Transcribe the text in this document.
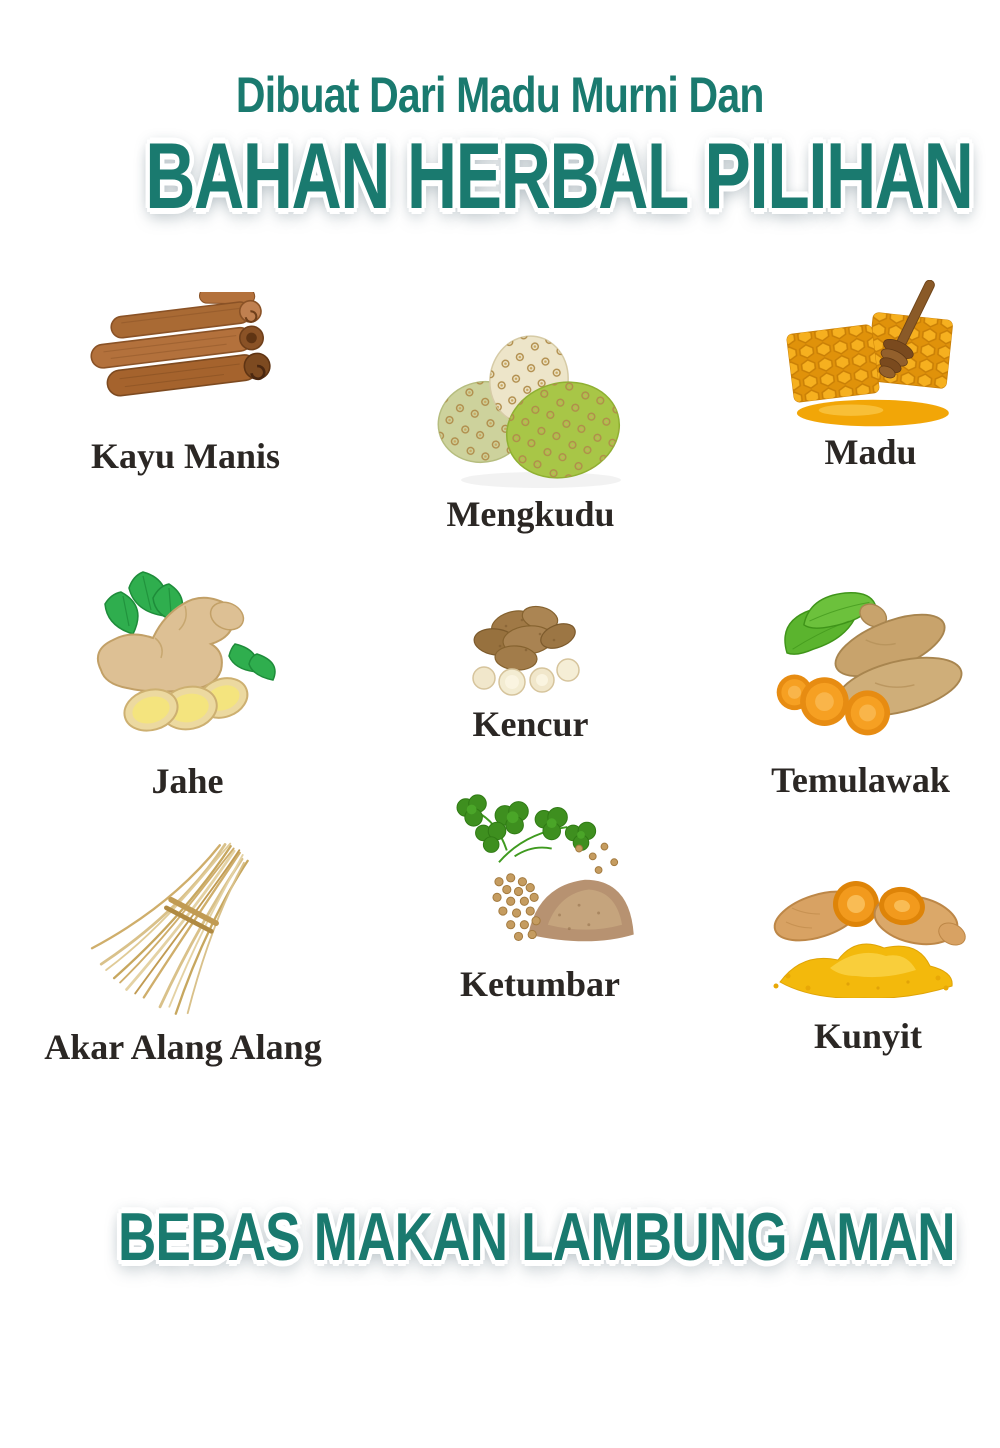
Dibuat Dari Madu Murni Dan
BAHAN HERBAL PILIHAN
Kayu Manis
Mengkudu
Madu
Jahe
Kencur
Temulawak
Akar Alang Alang
Ketumbar
Kunyit
BEBAS MAKAN LAMBUNG AMAN
